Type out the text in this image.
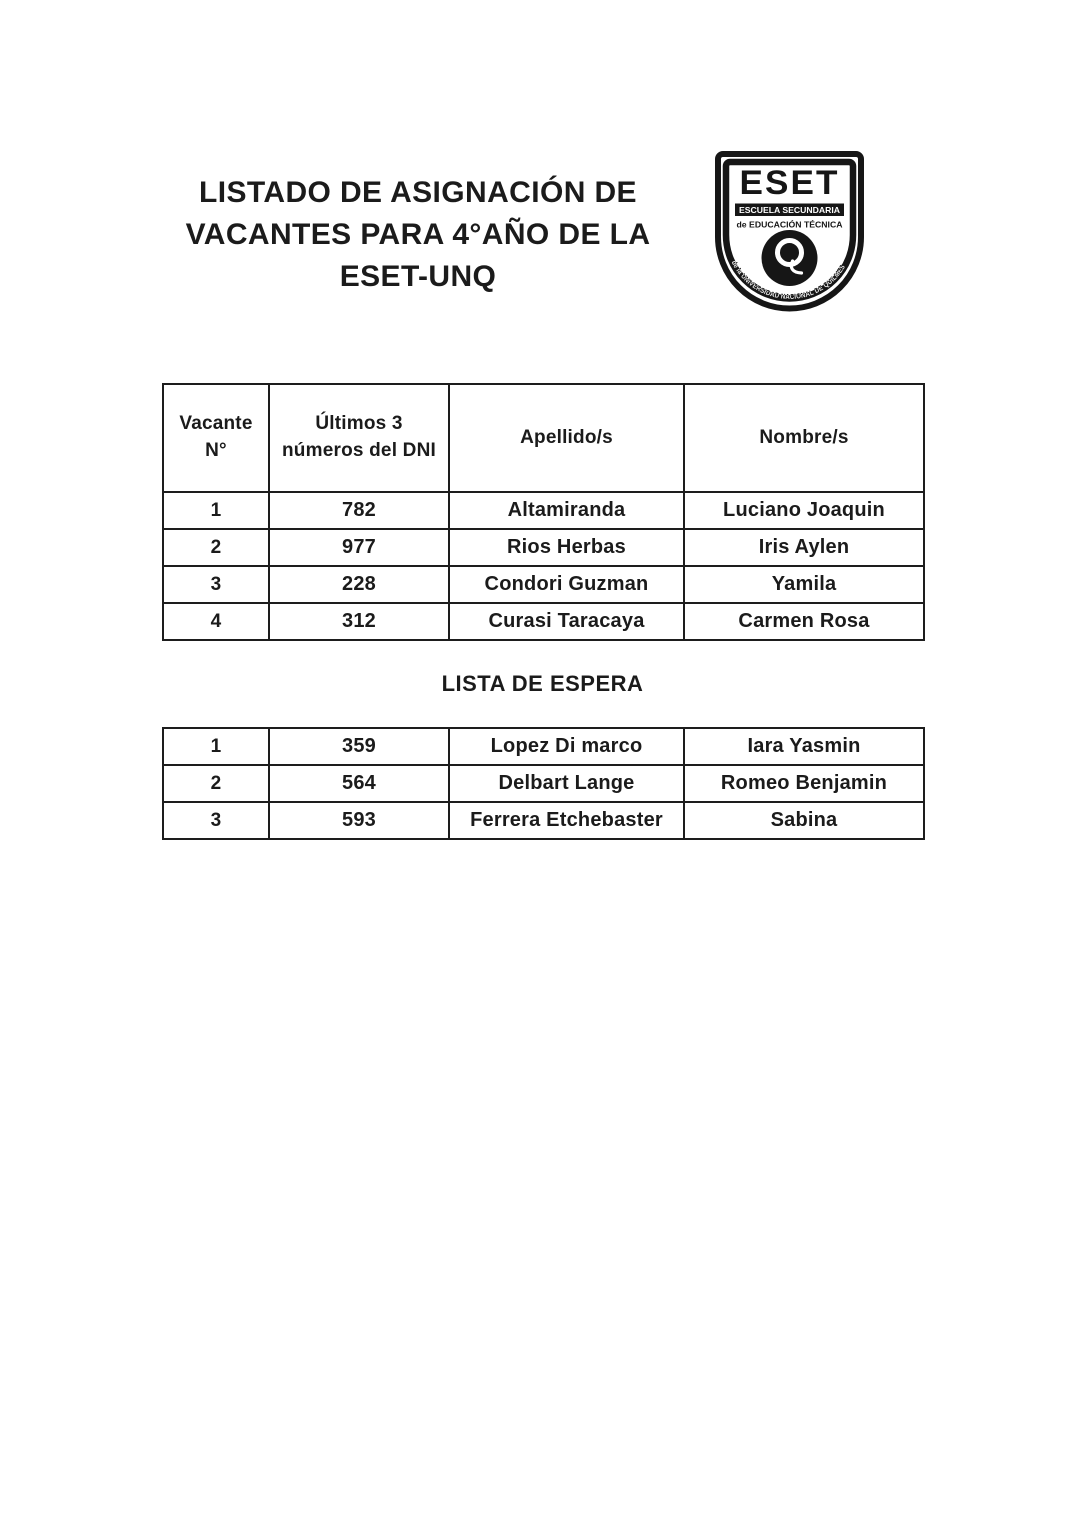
LISTADO DE ASIGNACIÓN DE VACANTES PARA 4°AÑO DE LA ESET-UNQ
ESET
ESCUELA SECUNDARIA
de EDUCACIÓN TÉCNICA
de la UNIVERSIDAD NACIONAL DE QUILMES
Vacante N°	Últimos 3 números del DNI	Apellido/s	Nombre/s
1	782	Altamiranda	Luciano Joaquin
2	977	Rios Herbas	Iris Aylen
3	228	Condori Guzman	Yamila
4	312	Curasi Taracaya	Carmen Rosa
LISTA DE ESPERA
1	359	Lopez Di marco	Iara Yasmin
2	564	Delbart Lange	Romeo Benjamin
3	593	Ferrera Etchebaster	Sabina
